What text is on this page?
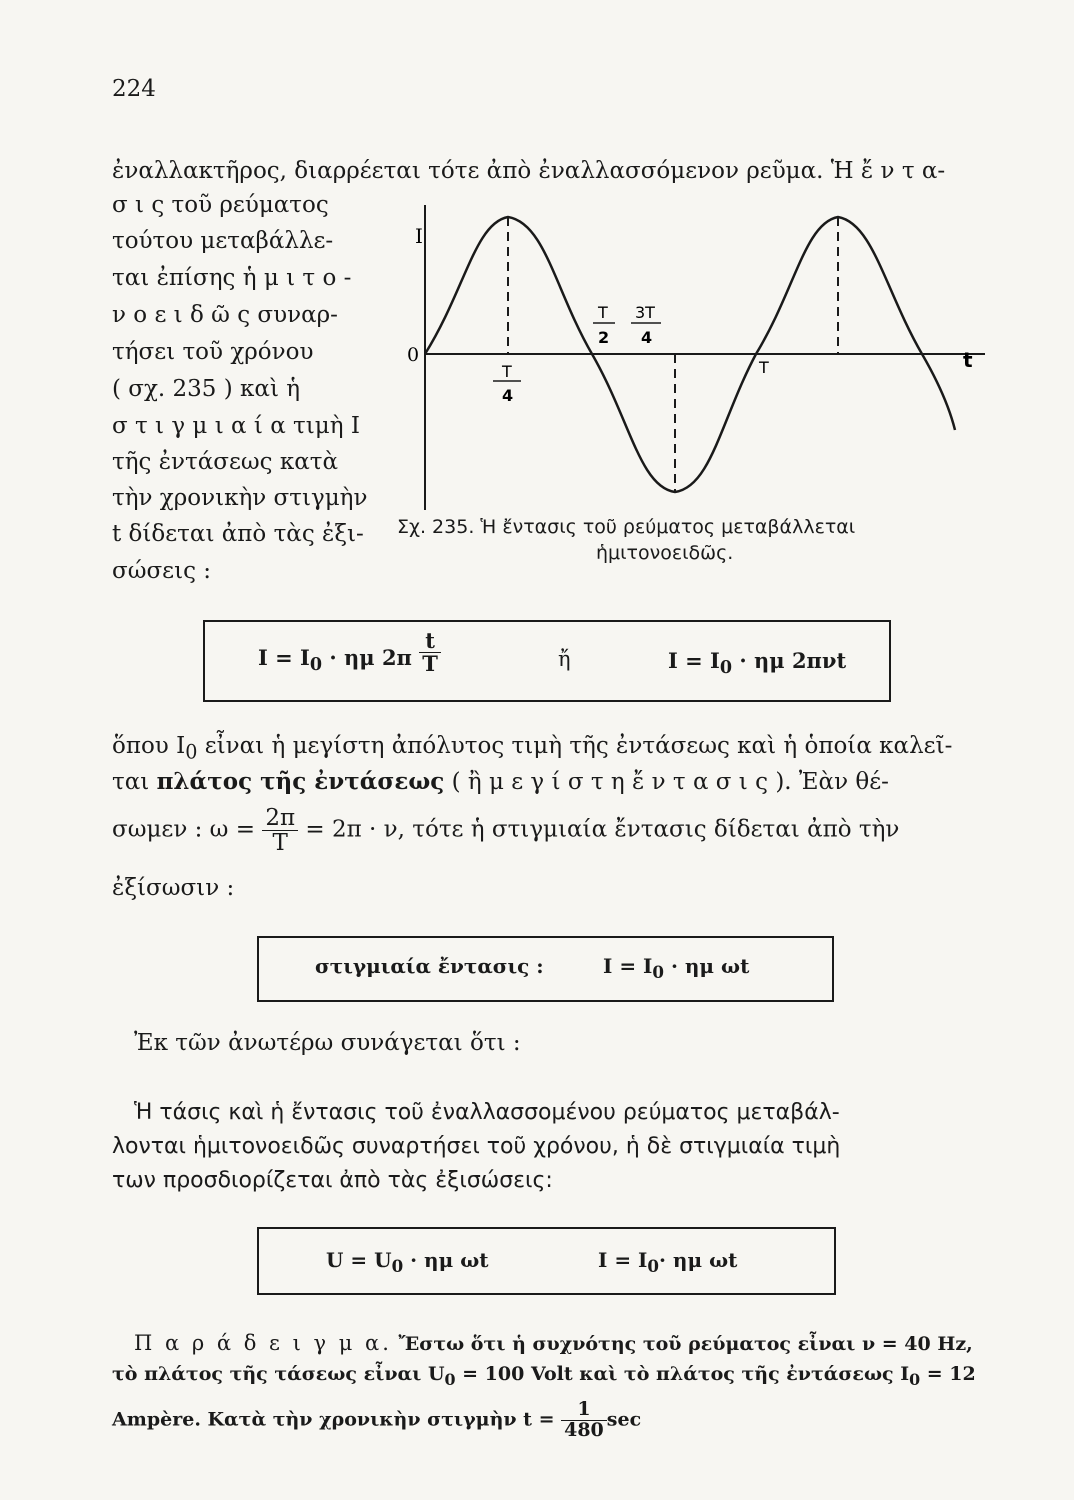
224
ἐναλλακτῆρος, διαρρέεται τότε ἀπὸ ἐναλλασσόμενον ρεῦμα. Ἡ ἔ ν τ α-
σ ι ς τοῦ ρεύματος
τούτου μεταβάλλε-
ται ἐπίσης ἡ μ ι τ ο -
ν ο ε ι δ ῶ ς συναρ-
τήσει τοῦ χρόνου
( σχ. 235 ) καὶ ἡ
σ τ ι γ μ ι α ί α τιμὴ I
τῆς ἐντάσεως κατὰ
τὴν χρονικὴν στιγμὴν
t δίδεται ἀπὸ τὰς ἐξι-
σώσεις :
I
0	t
T
4
T
2
3T
4
T
Σχ. 235. Ἡ ἔντασις τοῦ ρεύματος μεταβάλλεται
ἡμιτονοειδῶς.
$I = I_0 \cdot \eta\mu$ $2\pi \frac{t}{T}$	ἤ	$I = I_0 \cdot \eta\mu$ 2πνt
ὅπου $I_0$ εἶναι ἡ μεγίστη ἀπόλυτος τιμὴ τῆς ἐντάσεως καὶ ἡ ὁποία καλεῖ-
ται πλάτος τῆς ἐντάσεως ( ἢ μ ε γ ί σ τ η ἔ ν τ α σ ι ς ). Ἐὰν θέ-
σωμεν : $\omega = \frac{2\pi}{T} = 2\pi \cdot \nu$, τότε ἡ στιγμιαία ἔντασις δίδεται ἀπὸ τὴν
ἐξίσωσιν :
στιγμιαία ἔντασις :	$I = I_0 \cdot \eta\mu$ ωt
Ἐκ τῶν ἀνωτέρω συνάγεται ὅτι :
Ἡ τάσις καὶ ἡ ἔντασις τοῦ ἐναλλασσομένου ρεύματος μεταβάλ-
λονται ἡμιτονοειδῶς συναρτήσει τοῦ χρόνου, ἡ δὲ στιγμιαία τιμὴ
των προσδιορίζεται ἀπὸ τὰς ἐξισώσεις:
$U = U_0 \cdot \eta\mu$ ωt	$I = I_0\cdot \eta\mu$ ωt
Π α ρ ά δ ε ι γ μ α. Ἔστω ὅτι ἡ συχνότης τοῦ ρεύματος εἶναι ν = 40 Hz,
τὸ πλάτος τῆς τάσεως εἶναι $U_0 = 100$ Volt καὶ τὸ πλάτος τῆς ἐντάσεως $I_0 = 12$
Ampère. Κατὰ τὴν χρονικὴν στιγμὴν $t = \frac{1}{480}$ sec
